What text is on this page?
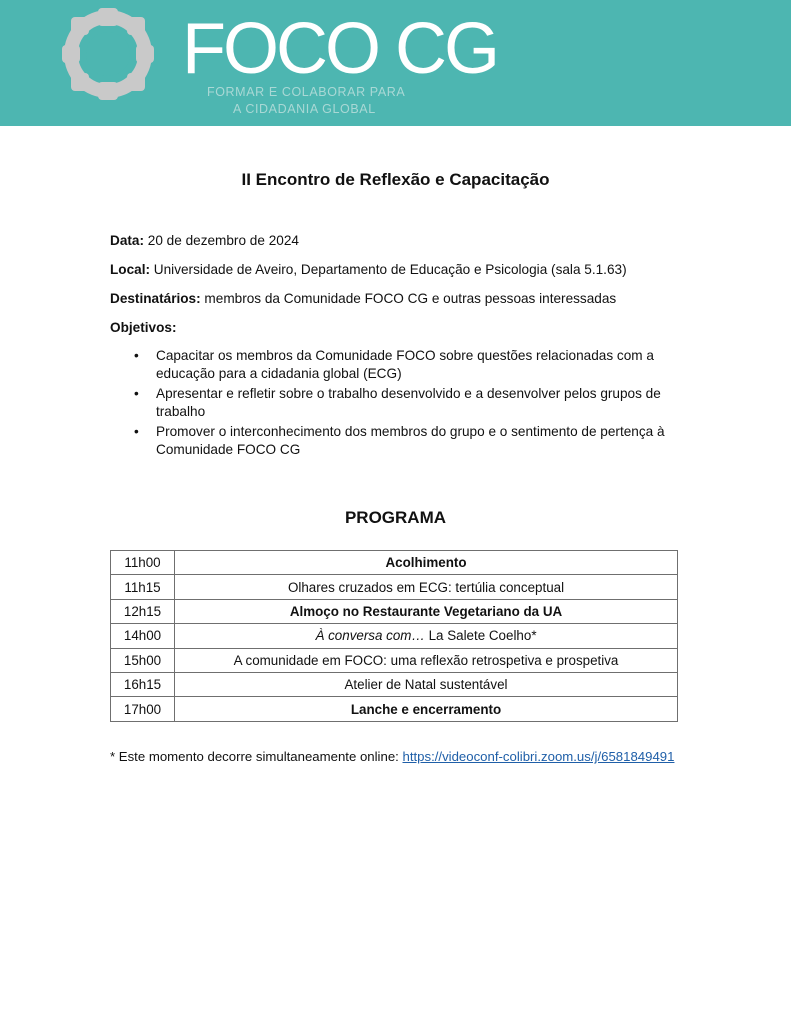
FOCO CG
FORMAR E COLABORAR PARA
A CIDADANIA GLOBAL
II Encontro de Reflexão e Capacitação
Data: 20 de dezembro de 2024
Local: Universidade de Aveiro, Departamento de Educação e Psicologia (sala 5.1.63)
Destinatários: membros da Comunidade FOCO CG e outras pessoas interessadas
Objetivos:
• Capacitar os membros da Comunidade FOCO sobre questões relacionadas com a educação para a cidadania global (ECG)
• Apresentar e refletir sobre o trabalho desenvolvido e a desenvolver pelos grupos de trabalho
• Promover o interconhecimento dos membros do grupo e o sentimento de pertença à Comunidade FOCO CG
PROGRAMA
11h00	Acolhimento
11h15	Olhares cruzados em ECG: tertúlia conceptual
12h15	Almoço no Restaurante Vegetariano da UA
14h00	À conversa com… La Salete Coelho*
15h00	A comunidade em FOCO: uma reflexão retrospetiva e prospetiva
16h15	Atelier de Natal sustentável
17h00	Lanche e encerramento
* Este momento decorre simultaneamente online: https://videoconf-colibri.zoom.us/j/6581849491
